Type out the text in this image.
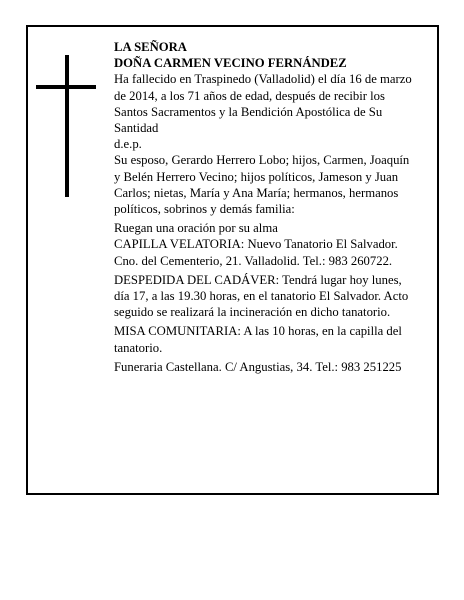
LA SEÑORA

DOÑA CARMEN VECINO FERNÁNDEZ

Ha fallecido en Traspinedo (Valladolid) el día 16 de marzo de 2014, a los 71 años de edad, después de recibir los Santos Sacramentos y la Bendición Apostólica de Su Santidad

d.e.p.

Su esposo, Gerardo Herrero Lobo; hijos, Carmen, Joaquín y Belén Herrero Vecino; hijos políticos, Jameson y Juan Carlos; nietas, María y Ana María; hermanos, hermanos políticos, sobrinos y demás familia:

Ruegan una oración por su alma

CAPILLA VELATORIA: Nuevo Tanatorio El Salvador. Cno. del Cementerio, 21. Valladolid. Tel.: 983 260722.

DESPEDIDA DEL CADÁVER: Tendrá lugar hoy lunes, día 17, a las 19.30 horas, en el tanatorio El Salvador. Acto seguido se realizará la incineración en dicho tanatorio.

MISA COMUNITARIA: A las 10 horas, en la capilla del tanatorio.

Funeraria Castellana. C/ Angustias, 34. Tel.: 983 251225
